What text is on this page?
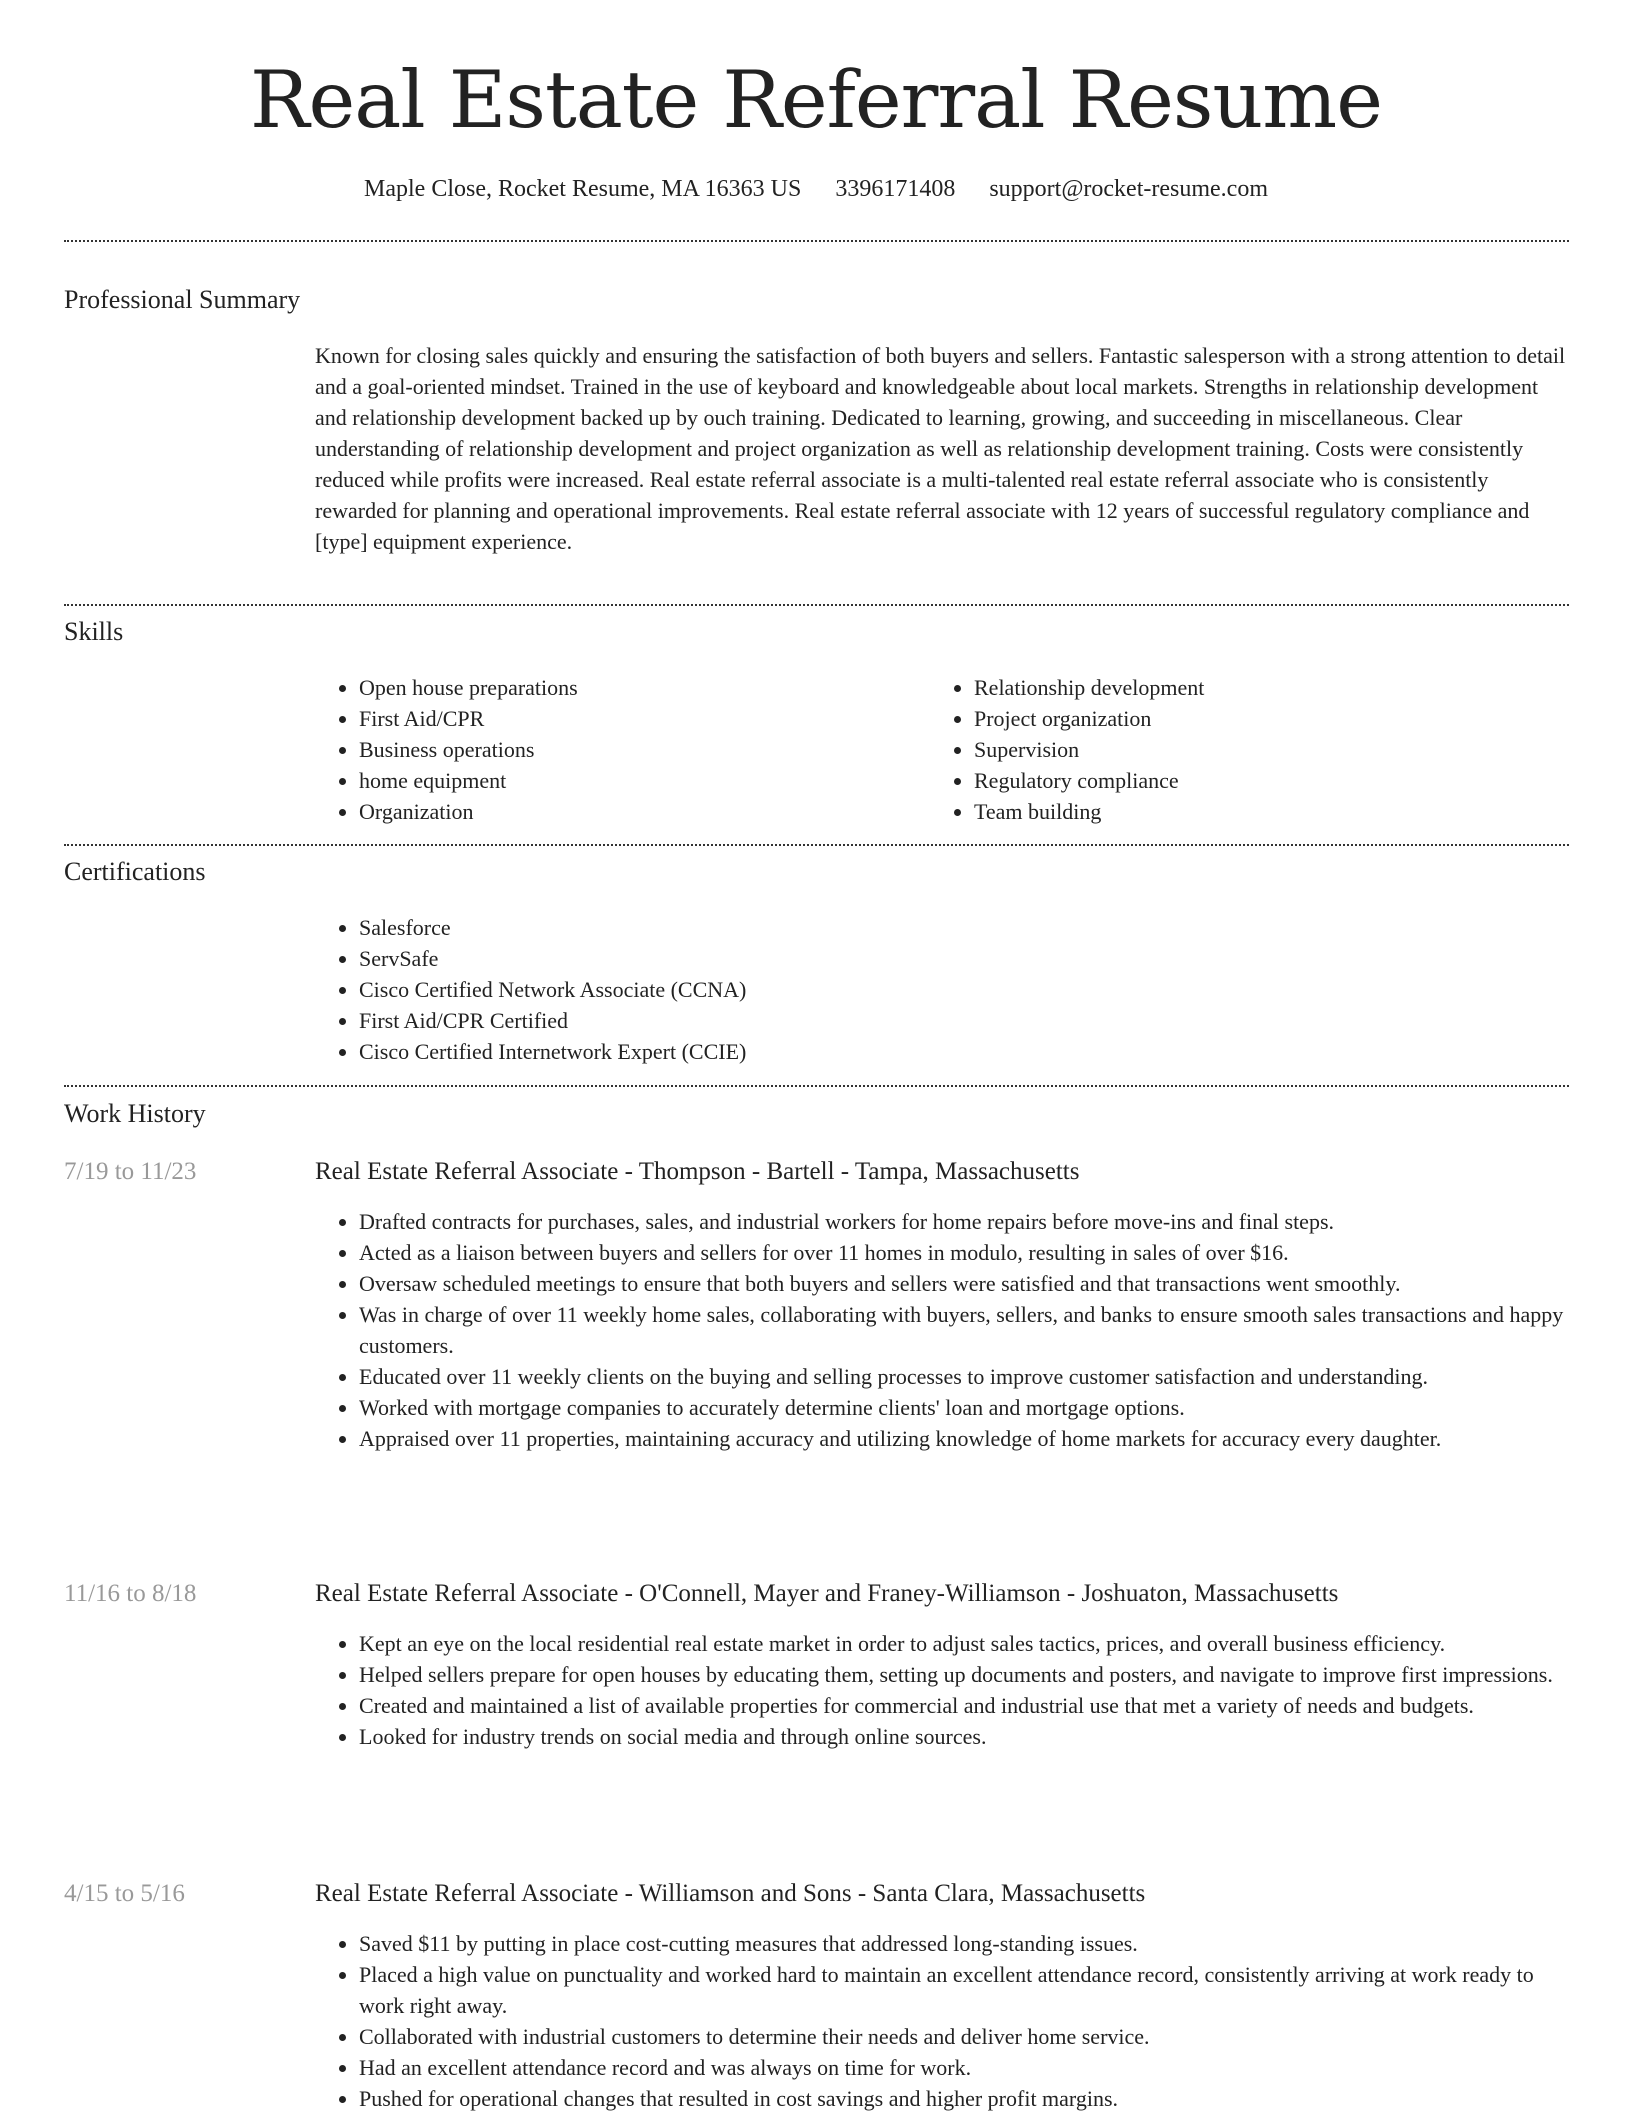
Real Estate Referral Resume
Maple Close, Rocket Resume, MA 16363 US 3396171408 support@rocket-resume.com
Professional Summary

Known for closing sales quickly and ensuring the satisfaction of both buyers and sellers. Fantastic salesperson with a strong attention to detail and a goal-oriented mindset. Trained in the use of keyboard and knowledgeable about local markets. Strengths in relationship development and relationship development backed up by ouch training. Dedicated to learning, growing, and succeeding in miscellaneous. Clear understanding of relationship development and project organization as well as relationship development training. Costs were consistently reduced while profits were increased. Real estate referral associate is a multi-talented real estate referral associate who is consistently rewarded for planning and operational improvements. Real estate referral associate with 12 years of successful regulatory compliance and [type] equipment experience.

Skills
• Open house preparations
• First Aid/CPR
• Business operations
• home equipment
• Organization
• Relationship development
• Project organization
• Supervision
• Regulatory compliance
• Team building
Certifications
• Salesforce
• ServSafe
• Cisco Certified Network Associate (CCNA)
• First Aid/CPR Certified
• Cisco Certified Internetwork Expert (CCIE)
Work History
7/19 to 11/23	Real Estate Referral Associate - Thompson - Bartell - Tampa, Massachusetts
• Drafted contracts for purchases, sales, and industrial workers for home repairs before move-ins and final steps.
• Acted as a liaison between buyers and sellers for over 11 homes in modulo, resulting in sales of over $16.
• Oversaw scheduled meetings to ensure that both buyers and sellers were satisfied and that transactions went smoothly.
• Was in charge of over 11 weekly home sales, collaborating with buyers, sellers, and banks to ensure smooth sales transactions and happy customers.
• Educated over 11 weekly clients on the buying and selling processes to improve customer satisfaction and understanding.
• Worked with mortgage companies to accurately determine clients' loan and mortgage options.
• Appraised over 11 properties, maintaining accuracy and utilizing knowledge of home markets for accuracy every daughter.
11/16 to 8/18	Real Estate Referral Associate - O'Connell, Mayer and Franey-Williamson - Joshuaton, Massachusetts
• Kept an eye on the local residential real estate market in order to adjust sales tactics, prices, and overall business efficiency.
• Helped sellers prepare for open houses by educating them, setting up documents and posters, and navigate to improve first impressions.
• Created and maintained a list of available properties for commercial and industrial use that met a variety of needs and budgets.
• Looked for industry trends on social media and through online sources.
4/15 to 5/16	Real Estate Referral Associate - Williamson and Sons - Santa Clara, Massachusetts
• Saved $11 by putting in place cost-cutting measures that addressed long-standing issues.
• Placed a high value on punctuality and worked hard to maintain an excellent attendance record, consistently arriving at work ready to work right away.
• Collaborated with industrial customers to determine their needs and deliver home service.
• Had an excellent attendance record and was always on time for work.
• Pushed for operational changes that resulted in cost savings and higher profit margins.
